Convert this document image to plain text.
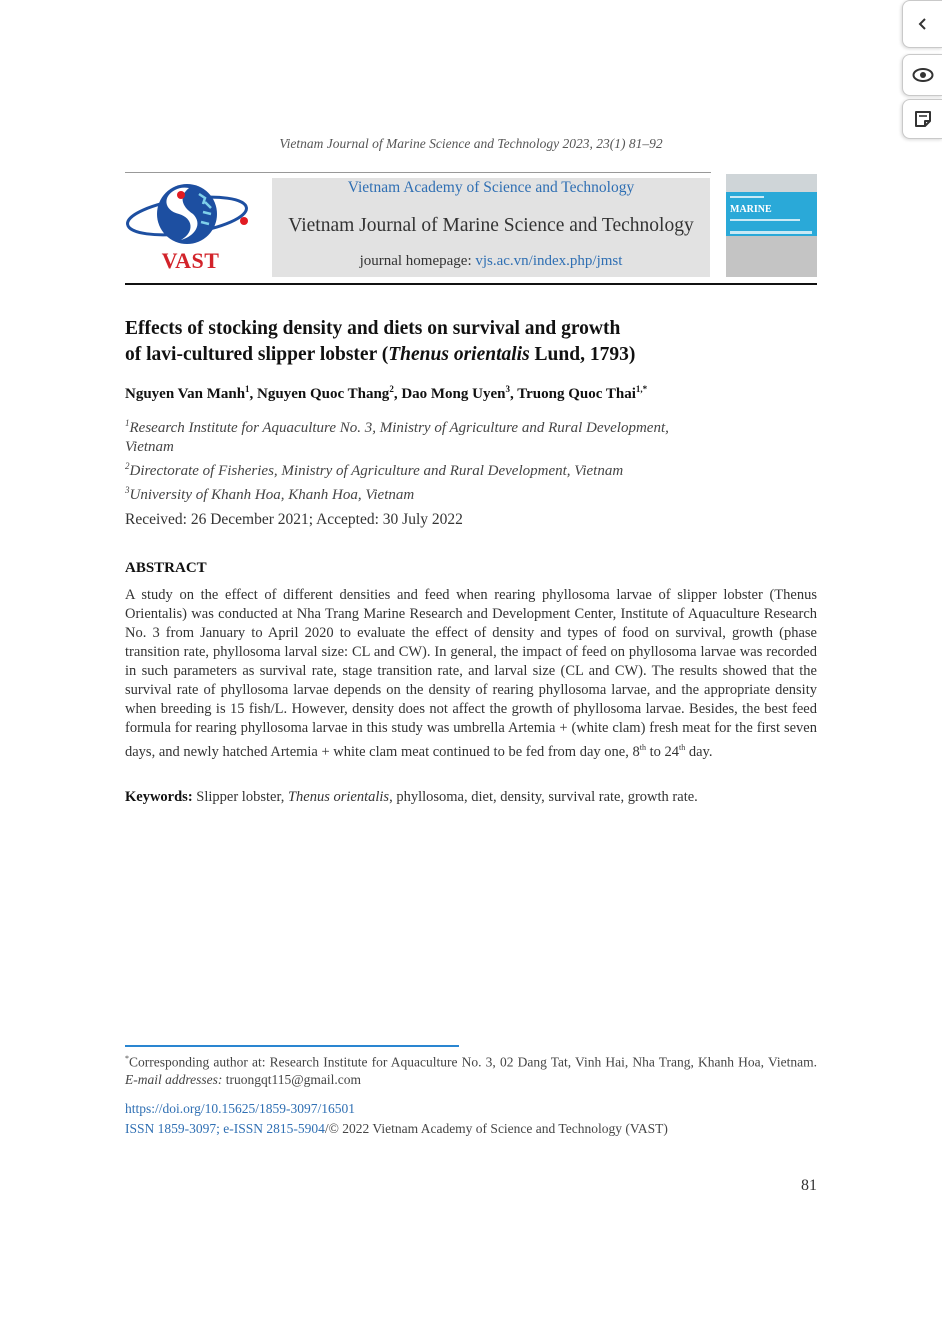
Vietnam Journal of Marine Science and Technology 2023, 23(1) 81–92
VAST
Vietnam Academy of Science and Technology
Vietnam Journal of Marine Science and Technology
journal homepage: vjs.ac.vn/index.php/jmst
MARINE
Effects of stocking density and diets on survival and growth
of lavi-cultured slipper lobster (Thenus orientalis Lund, 1793)
Nguyen Van Manh$^1$, Nguyen Quoc Thang$^2$, Dao Mong Uyen$^3$, Truong Quoc Thai$^{1,*}$
$^1$Research Institute for Aquaculture No. 3, Ministry of Agriculture and Rural Development,
Vietnam
$^2$Directorate of Fisheries, Ministry of Agriculture and Rural Development, Vietnam
$^3$University of Khanh Hoa, Khanh Hoa, Vietnam
Received: 26 December 2021; Accepted: 30 July 2022
ABSTRACT
A study on the effect of different densities and feed when rearing phyllosoma larvae of slipper lobster (Thenus Orientalis) was conducted at Nha Trang Marine Research and Development Center, Institute of Aquaculture Research No. 3 from January to April 2020 to evaluate the effect of density and types of food on survival, growth (phase transition rate, phyllosoma larval size: CL and CW). In general, the impact of feed on phyllosoma larvae was recorded in such parameters as survival rate, stage transition rate, and larval size (CL and CW). The results showed that the survival rate of phyllosoma larvae depends on the density of rearing phyllosoma larvae, and the appropriate density when breeding is 15 fish/L. However, density does not affect the growth of phyllosoma larvae. Besides, the best feed formula for rearing phyllosoma larvae in this study was umbrella Artemia + (white clam) fresh meat for the first seven days, and newly hatched Artemia + white clam meat continued to be fed from day one, 8th to 24th day.
Keywords: Slipper lobster, Thenus orientalis, phyllosoma, diet, density, survival rate, growth rate.
*Corresponding author at: Research Institute for Aquaculture No. 3, 02 Dang Tat, Vinh Hai, Nha Trang, Khanh Hoa, Vietnam. E-mail addresses: truongqt115@gmail.com
https://doi.org/10.15625/1859-3097/16501
ISSN 1859-3097; e-ISSN 2815-5904/© 2022 Vietnam Academy of Science and Technology (VAST)
81
